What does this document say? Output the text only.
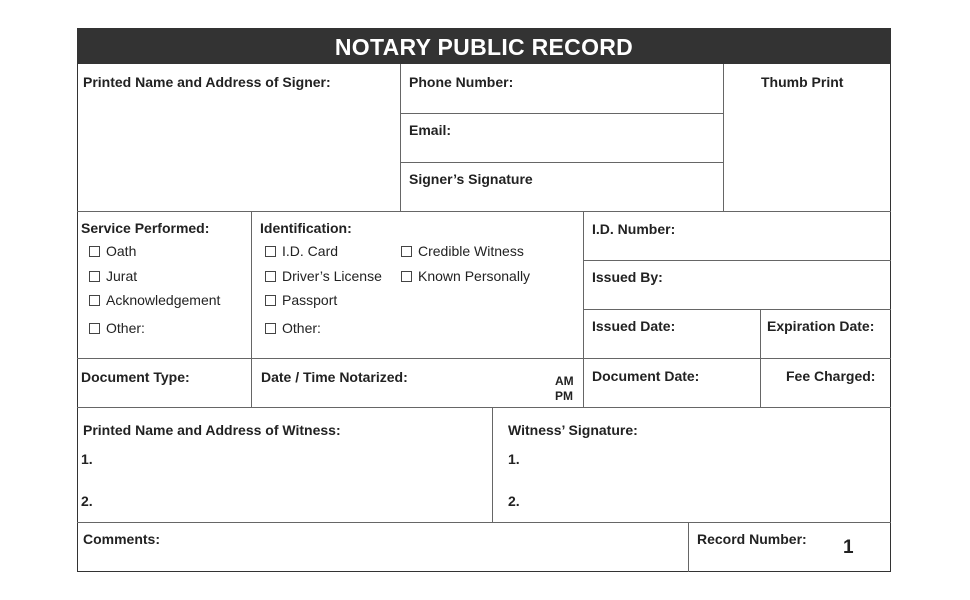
NOTARY PUBLIC RECORD
Printed Name and Address of Signer:	Phone Number:
Email:
Signer’s Signature
Thumb Print
Service Performed:
Oath
Jurat
Acknowledgement
Other:
Identification:
I.D. Card	Credible Witness
Driver’s License	Known Personally
Passport
Other:
I.D. Number:
Issued By:
Issued Date:	Expiration Date:
Document Type:	Date / Time Notarized:	AM
PM
Document Date:	Fee Charged:
Printed Name and Address of Witness:
1.
2.
Witness’ Signature:
1.
2.
Comments:	Record Number: 1
